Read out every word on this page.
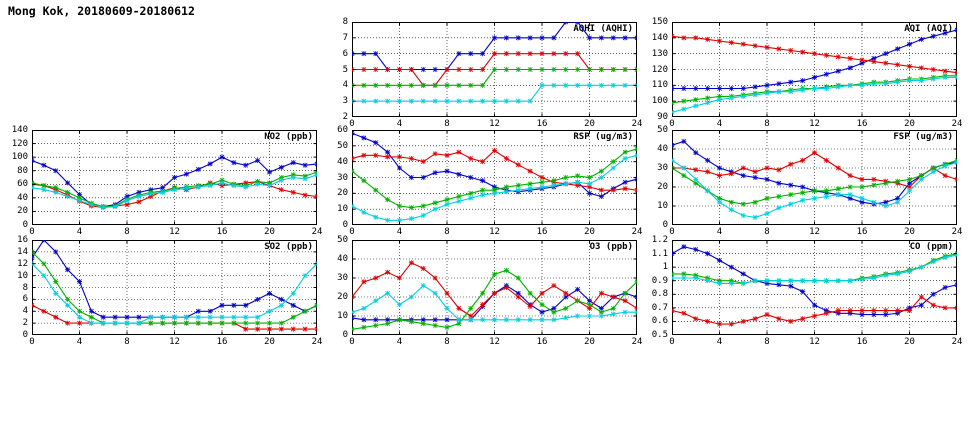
Mong Kok, 20180609-20180612
AQHI (AQHI)
0	4	8	12	16	20	24
2
3
4
5
6
7
8
AQI (AQI)
0	4	8	12	16	20	24
90
100
110
120
130
140
150
NO2 (ppb)
0	4	8	12	16	20	24
0
20
40
60
80
100
120
140
RSP (ug/m3)
0	4	8	12	16	20	24
0
10
20
30
40
50
60
FSP (ug/m3)
0	4	8	12	16	20	24
0
10
20
30
40
50
SO2 (ppb)
0	4	8	12	16	20	24
0
2
4
6
8
10
12
14
16
O3 (ppb)
0	4	8	12	16	20	24
0
10
20
30
40
50
CO (ppm)
0	4	8	12	16	20	24
0.5
0.6
0.7
0.8
0.9
1
1.1
1.2
